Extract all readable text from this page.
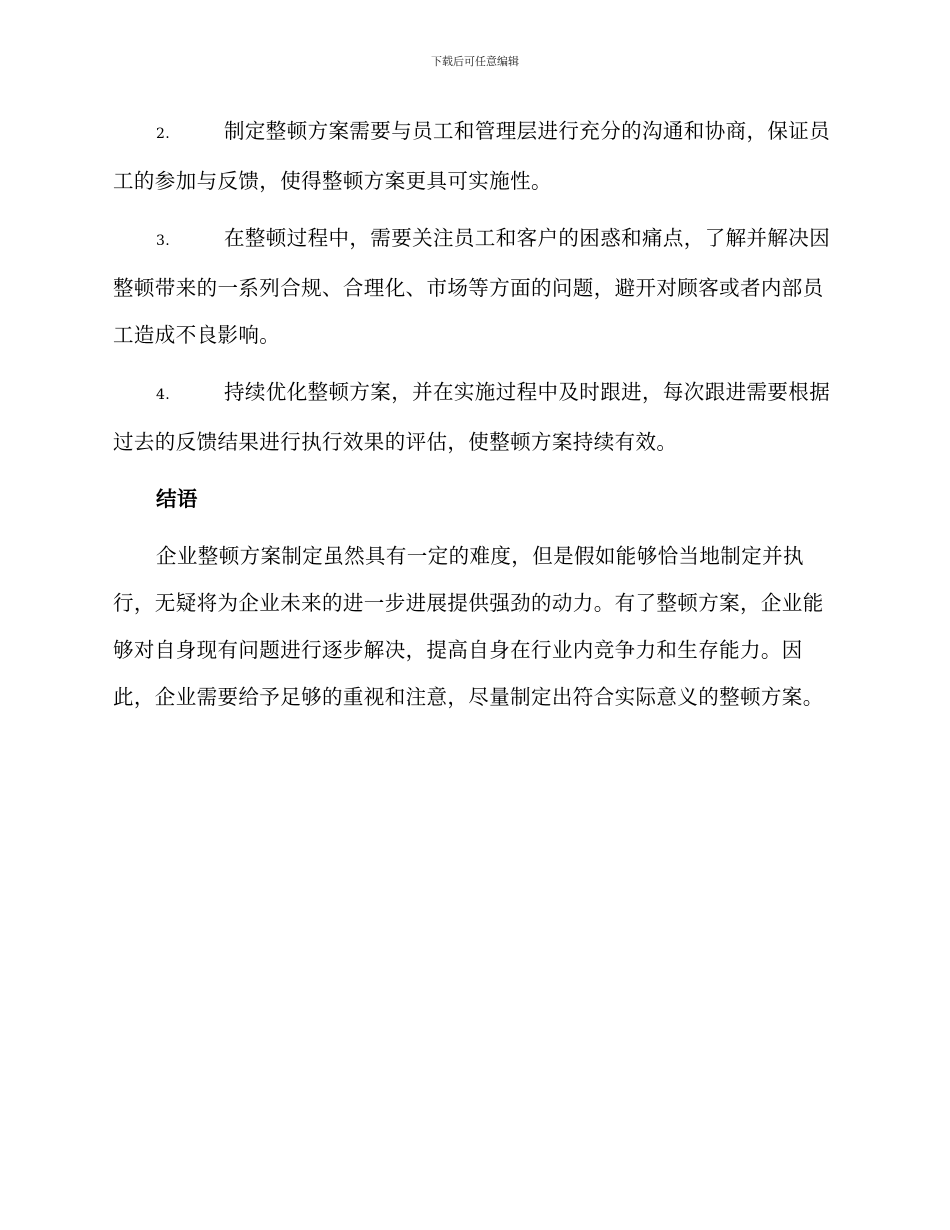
下载后可任意编辑

2.	制定整顿方案需要与员工和管理层进行充分的沟通和协商，保证员工的参加与反馈，使得整顿方案更具可实施性。

3.	在整顿过程中，需要关注员工和客户的困惑和痛点，了解并解决因整顿带来的一系列合规、合理化、市场等方面的问题，避开对顾客或者内部员工造成不良影响。

4.	持续优化整顿方案，并在实施过程中及时跟进，每次跟进需要根据过去的反馈结果进行执行效果的评估，使整顿方案持续有效。

结语

企业整顿方案制定虽然具有一定的难度，但是假如能够恰当地制定并执行，无疑将为企业未来的进一步进展提供强劲的动力。有了整顿方案，企业能够对自身现有问题进行逐步解决，提高自身在行业内竞争力和生存能力。因此，企业需要给予足够的重视和注意，尽量制定出符合实际意义的整顿方案。
